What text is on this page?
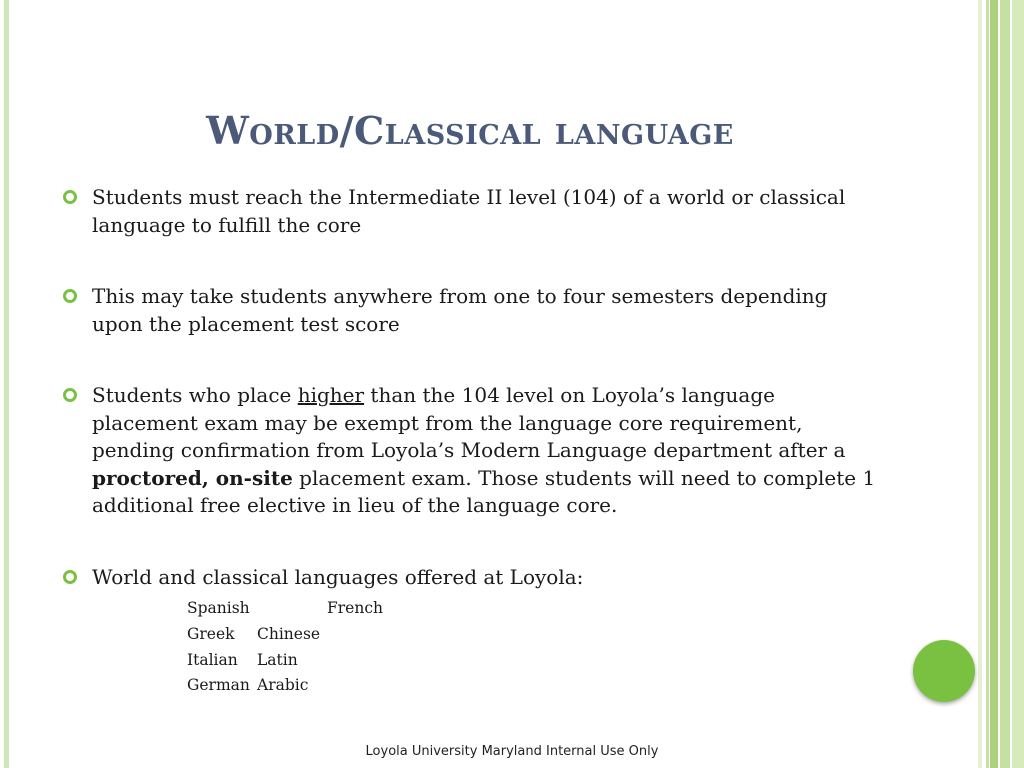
World/Classical language
Students must reach the Intermediate II level (104) of a world or classical language to fulfill the core
This may take students anywhere from one to four semesters depending upon the placement test score
Students who place higher than the 104 level on Loyola’s language placement exam may be exempt from the language core requirement, pending confirmation from Loyola’s Modern Language department after a proctored, on-site placement exam. Those students will need to complete 1 additional free elective in lieu of the language core.
World and classical languages offered at Loyola:
Spanish	French
Greek	Chinese
Italian	Latin
German Arabic
Loyola University Maryland Internal Use Only
